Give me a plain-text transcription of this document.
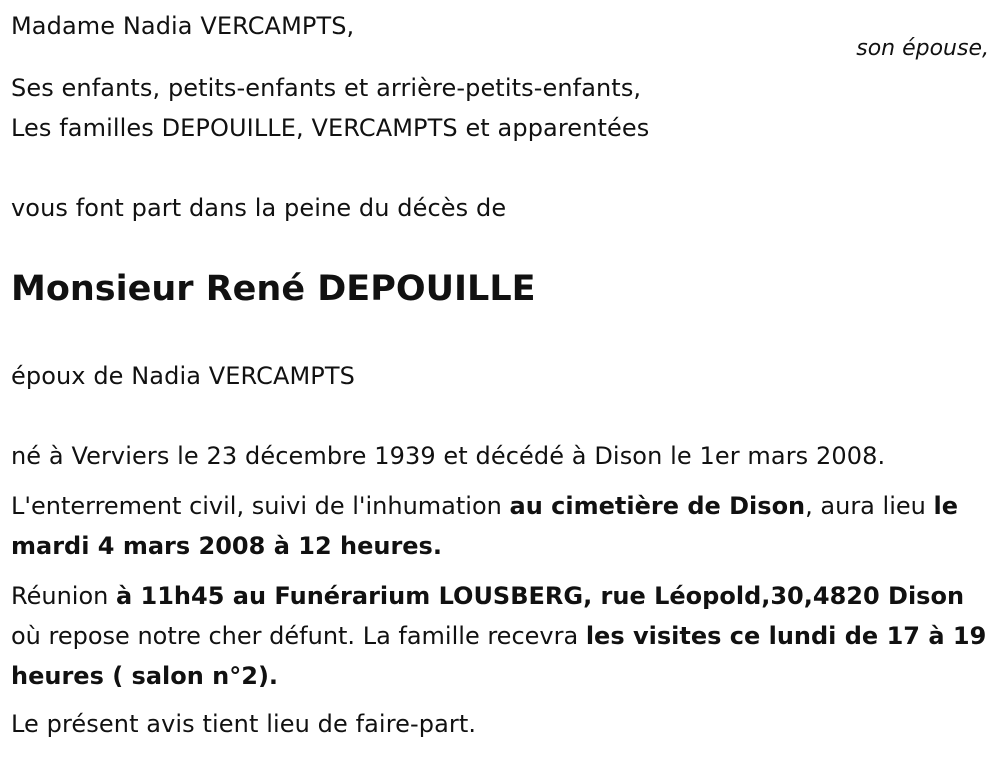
Madame Nadia VERCAMPTS,
son épouse,
Ses enfants, petits-enfants et arrière-petits-enfants,
Les familles DEPOUILLE, VERCAMPTS et apparentées
vous font part dans la peine du décès de
Monsieur René DEPOUILLE
époux de Nadia VERCAMPTS
né à Verviers le 23 décembre 1939 et décédé à Dison le 1er mars 2008.
L'enterrement civil, suivi de l'inhumation au cimetière de Dison, aura lieu le mardi 4 mars 2008 à 12 heures.
Réunion à 11h45 au Funérarium LOUSBERG, rue Léopold,30,4820 Dison où repose notre cher défunt. La famille recevra les visites ce lundi de 17 à 19 heures ( salon n°2).
Le présent avis tient lieu de faire-part.
